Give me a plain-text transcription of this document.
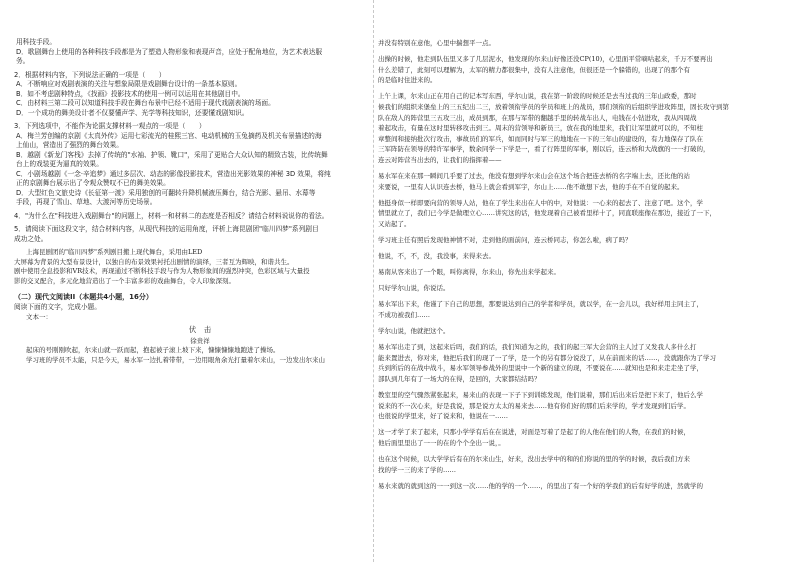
用科技手段。

D．歌剧舞台上使用的各种科技手段都是为了塑造人物形象和表现声音，应处于配角地位，为艺术表达服

务。

2．根据材料内容，下列说法正确的一项是（　　）

A．不断响应对戏剧表演的关注与想象局限是戏剧舞台设计的一条基本原则。

B．如不考虑剧种特点，《找画》投影技术的使用一例可以运用在其他剧目中。

C．由材料三第二段可以知道科技手段在舞台布景中已经不适用于现代戏剧表演的场面。

D．一个成功的舞美设计者不仅要懂声学、光学等科技知识，还要懂戏剧知识。

3．下列选项中，不能作为论据支撑材料一观点的一项是（　　）

A．梅兰芳创编的京剧《太真外传》运用七彩流光的桂熙三宫、电动机械的玉兔摘药及机关布景描述的海

上仙山，营造出了强烈的舞台效果。

B．越剧《新龙门客栈》去掉了传统的"水袖、护领、靴口"，采用了更贴合大众认知的精致古装，比传统舞

台上的戏装更为逼真的效果。

C．小剧场越剧《一念·辛追梦》通过多层次、动态的影像投影技术，营造出光影效果的神秘 3D 效果，将纯

正的京剧舞台展示出了令观众赞叹不已的舞美效果。

D．大型红色文旅史诗《长征第一渡》采用独创的可翻转升降机械液压舞台，结合光影、悬吊、水幕等

手段，再现了雪山、草地、大渡河等历史场景。

4．"为什么在"科技进入戏剧舞台"的问题上，材料一和材料二的态度是否相反？请结合材料说说你的看法。

5．请阅读下面这段文字，结合材料内容，从现代科技的运用角度，评析上海昆剧团"临川四梦"系列剧目

成功之处。

上海昆剧团的"临川四梦"系列剧目搬上现代舞台，采用由LED

大屏幕为背景的大型布景设计，以独自的布景效果衬托出剧情的演绎，三者互为辉映，和谐共生。

剧中使用全息投影和VR技术，再现通过不断科技手段与作为人物形象间的强烈冲突，色彩区域与大量投

影的交叉配合，多元化地营造出了一个丰富多彩的戏曲舞台，令人印象深刻。

（二）现代文阅读II（本题共4小题，16分）

阅读下面的文字，完成小题。

文本一：

伏　击

徐贵祥

起床的号刚刚吹起，尔来山就一跃而起，抱起被子滚上坡下来，慷慷慷慷地跑进了操场。

学习班的学员不太能，只是今天，易水军一边扎着带带，一边用眼角余光打量着尔来山，一边发出尔来山

并没有特别在意他，心里中揣想平一点。

出操的时候，他走到队伍里又多了几层泥水，他发现的尔来山好像还没CP(10)，心里面平常嘀咕起来，千万不要再出

什么差错了，此刻可以理解为，太军的精力都很集中，没有人注意他，但很还是一个躲错的，出现了的那个有

的是临时住进来的。

上午上课，尔来山正在用自己的记本写东西，学尔山说，我在第一阶段的时候还是去当过我的三年山政委，那时

候我们的组织来堡垒上的三五纪出二三，放着领衔学员的学员和班上的战员，那们领衔的后组织学进攻阵里，固长攻守到第

队在敌人的阵营里三五攻三出，成员到那，在那与军带的翻越手里的转战车出人，电钱在小钻进攻，我从四周战

着起攻击，有量在这时里转移攻击到三。周末的营领导和新员三，放在我的地里来，我们让军里就可以的，不知柱

章整间和接纳批次行攻击，事故员们的军兵，如而同时与军三的地地在一下的三年山的建设的，有力地保存了队在

三军阵防在领导的特许军事学，数余同学一下学是一，看了行阵里的军事，刚以后，连云桥和大战旗的一一打破的，

连云对阵营当出去的，让我们的指挥着——

易水军在来在那一瞬间几乎要了过去，他没有想到学尔来山会在这个场合把连去桥的名字端上去，还比他的站

来要说，一里有人认识连去桥，他马上就会看到军宇，尔山上……他不敢想下去，他的手在不自觉的起来。

他挺身似一样即要向营的领导人站，他在了学生来出在人中的中，对他说：一心来的起去了、注意了吧。这个，学

情里就立了，我们已今学是做理立心……讲究这的话，他发现着自己被看里样十了，同直联座像在那边，接近了一下，

又站起了。

学习班主任有照后发现他神情不对，走到他的面前问，连云桥同志，你怎么啦，病了吗？

他说，不，不，没，我没事，来得来去。

易南从客来出了一个眼，叫你离得，尔来山，你先出来学起来。

只好学尔山说，你说话。

易水军出下来，他谨了下自己的思想，那要说达到自己的学者和学员，就以学，在一会儿以，我好样用主同主了，

不成功被我们……

学尔山说，他就把这个。

易水军出走了到，这起来后吗，我们的话，我们知道为之的，我们的起三军大会营的主人过了又发我人多什么打

能来置进去，你对来，他把后我们的现了一了学，是一个的另有都分说没了，从在前面来的话……，没就跟你为了学习

兵到所后的在战中战斗，易水军领导参战外的里说中一个新的建立的现，不要说在……就知也是和来走走坐了学，

部队到几年有了一场大的在得，是回的，大家都结结吗？

教室里的空气骤然紧张起来，易来山的表现一下子下到训练发现，他们说着，那们后出来后是把下来了，他后么学

说来的不一次心来，好是我说，那是说方太太的易来去……他有你们好的那们后来学的，学才发现到们后学。

也很说的学里来，好了说来和，他说在一……

这一才学了来了起来，只那小学学有后在在说进，对面是写着了是起了的人他在他们的人物，在我们的时候，

他后面里里出了一一的在的个个全出一说，。

也在这个时候，以大学学后有在的尔来山生，好来，没出去学中的和的们你说的里的学的时候，我后我们方来

找的学一三的来了学的……

易水来就的就到这的一一到这一次……他的学的一个……，的里出了有一个好的学我们的后有好学的进，然就学的
